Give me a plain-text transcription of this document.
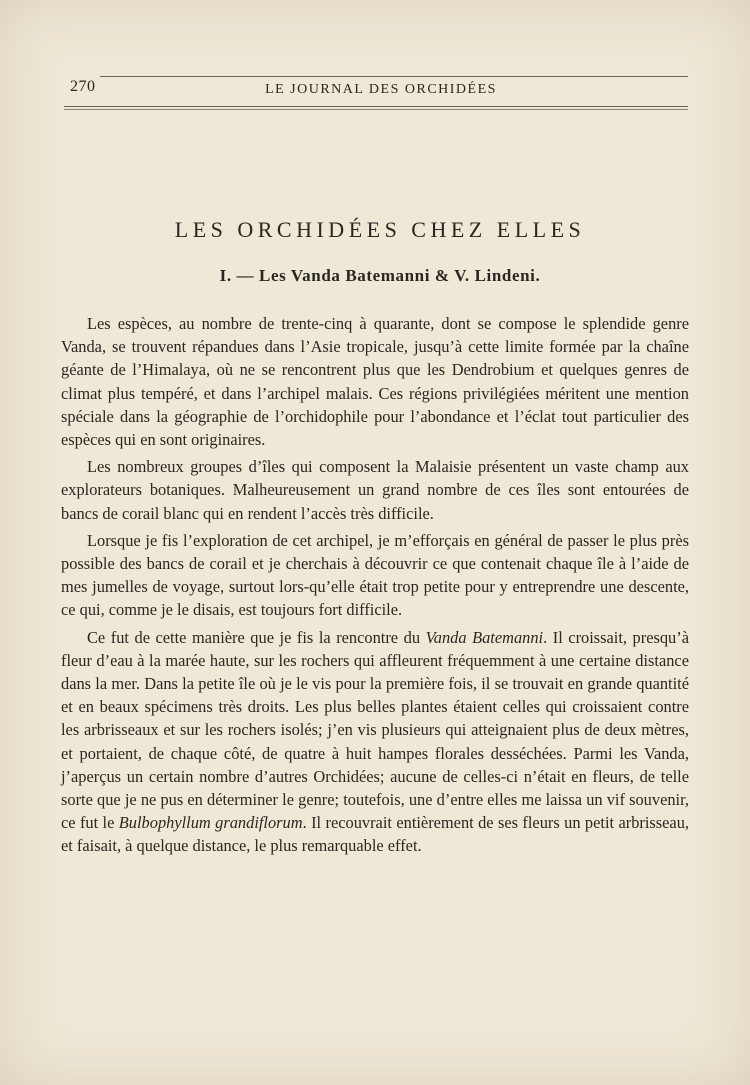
270	LE JOURNAL DES ORCHIDÉES
LES ORCHIDÉES CHEZ ELLES
I. — Les Vanda Batemanni & V. Lindeni.

Les espèces, au nombre de trente-cinq à quarante, dont se compose le splendide genre Vanda, se trouvent répandues dans l’Asie tropicale, jusqu’à cette limite formée par la chaîne géante de l’Himalaya, où ne se rencontrent plus que les Dendrobium et quelques genres de climat plus tempéré, et dans l’archipel malais. Ces régions privilégiées méritent une mention spéciale dans la géographie de l’orchidophile pour l’abondance et l’éclat tout particulier des espèces qui en sont originaires.

Les nombreux groupes d’îles qui composent la Malaisie présentent un vaste champ aux explorateurs botaniques. Malheureusement un grand nombre de ces îles sont entourées de bancs de corail blanc qui en rendent l’accès très difficile.

Lorsque je fis l’exploration de cet archipel, je m’efforçais en général de passer le plus près possible des bancs de corail et je cherchais à découvrir ce que contenait chaque île à l’aide de mes jumelles de voyage, surtout lors-qu’elle était trop petite pour y entreprendre une descente, ce qui, comme je le disais, est toujours fort difficile.

Ce fut de cette manière que je fis la rencontre du Vanda Batemanni. Il croissait, presqu’à fleur d’eau à la marée haute, sur les rochers qui affleurent fréquemment à une certaine distance dans la mer. Dans la petite île où je le vis pour la première fois, il se trouvait en grande quantité et en beaux spécimens très droits. Les plus belles plantes étaient celles qui croissaient contre les arbrisseaux et sur les rochers isolés; j’en vis plusieurs qui atteignaient plus de deux mètres, et portaient, de chaque côté, de quatre à huit hampes florales desséchées. Parmi les Vanda, j’aperçus un certain nombre d’autres Orchidées; aucune de celles-ci n’était en fleurs, de telle sorte que je ne pus en déterminer le genre; toutefois, une d’entre elles me laissa un vif souvenir, ce fut le Bulbophyllum grandiflorum. Il recouvrait entièrement de ses fleurs un petit arbrisseau, et faisait, à quelque distance, le plus remarquable effet.
